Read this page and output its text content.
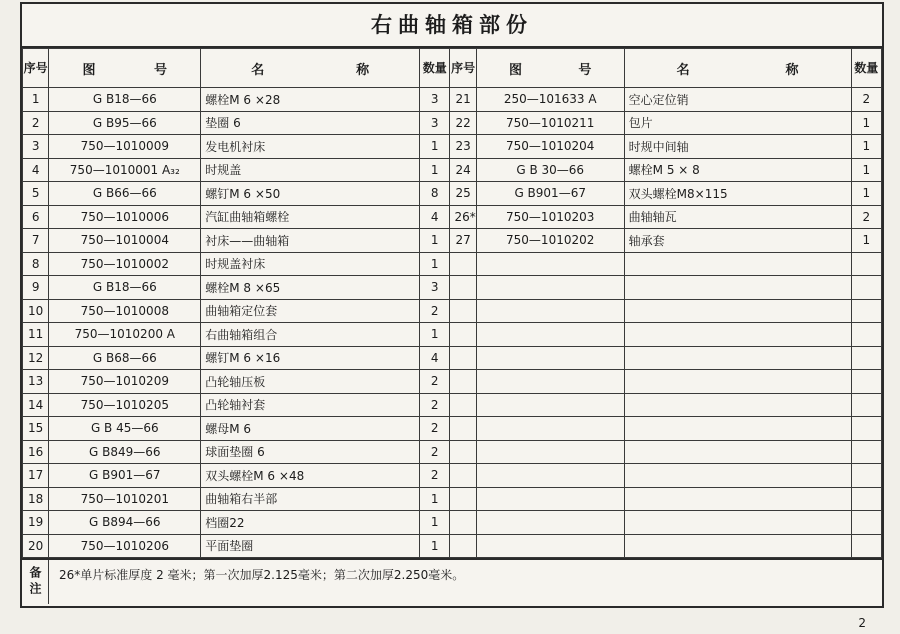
右曲轴箱部份
序号	图 号	名 称	数量	序号	图 号	名 称	数量
1	G B18—66	螺栓M 6 ×28	3	21	250—101633 A	空心定位销	2
2	G B95—66	垫圈 6	3	22	750—1010211	包片	1
3	750—1010009	发电机衬床	1	23	750—1010204	时规中间轴	1
4	750—1010001 A₃₂	时规盖	1	24	G B 30—66	螺栓M 5 × 8	1
5	G B66—66	螺钉M 6 ×50	8	25	G B901—67	双头螺栓M8×115	1
6	750—1010006	汽缸曲轴箱螺栓	4	26*	750—1010203	曲轴轴瓦	2
7	750—1010004	衬床——曲轴箱	1	27	750—1010202	轴承套	1
8	750—1010002	时规盖衬床	1				
9	G B18—66	螺栓M 8 ×65	3				
10	750—1010008	曲轴箱定位套	2				
11	750—1010200 A	右曲轴箱组合	1				
12	G B68—66	螺钉M 6 ×16	4				
13	750—1010209	凸轮轴压板	2				
14	750—1010205	凸轮轴衬套	2				
15	G B 45—66	螺母M 6	2				
16	G B849—66	球面垫圈 6	2				
17	G B901—67	双头螺栓M 6 ×48	2				
18	750—1010201	曲轴箱右半部	1				
19	G B894—66	档圈22	1				
20	750—1010206	平面垫圈	1				
备注	26*单片标准厚度 2 毫米；第一次加厚2.125毫米；第二次加厚2.250毫米。
2
